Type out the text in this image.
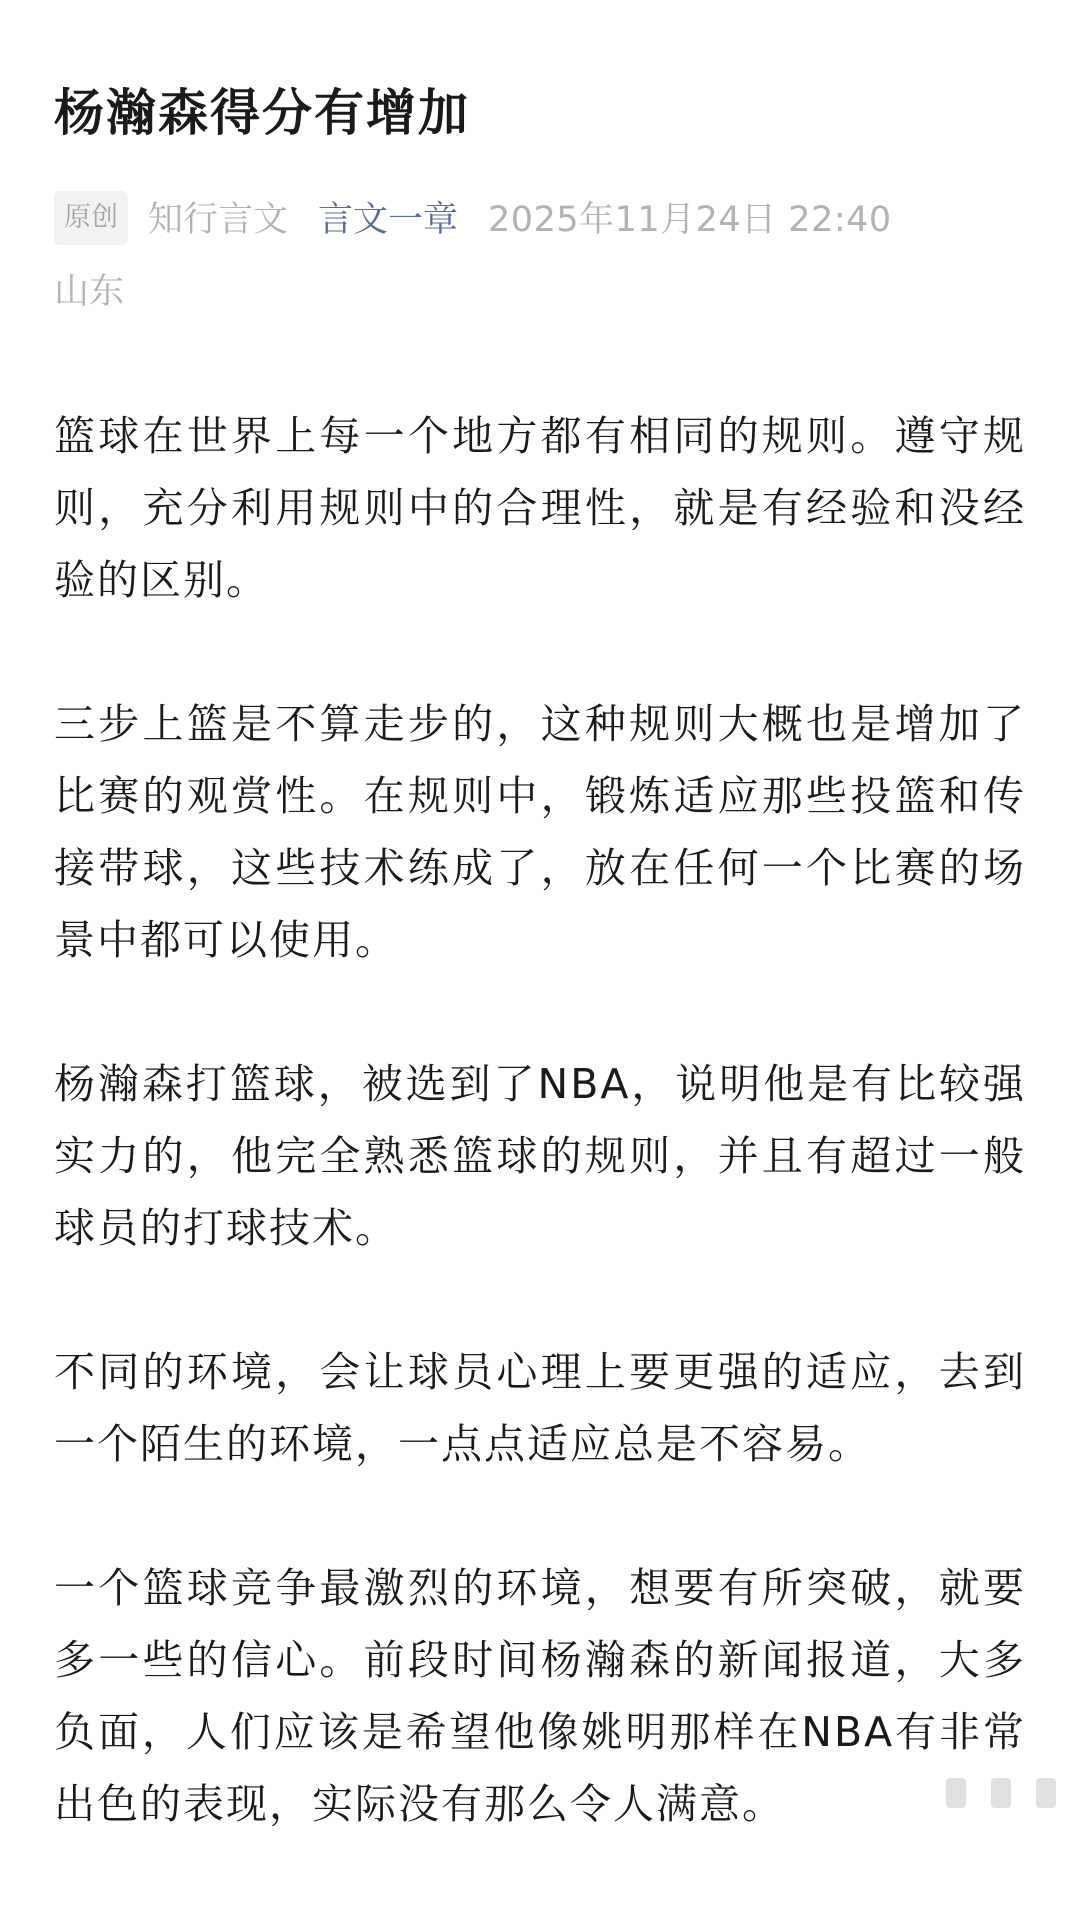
杨瀚森得分有增加
原创 知行言文 言文一章 2025年11月24日 22:40
山东

篮球在世界上每一个地方都有相同的规则。遵守规则，充分利用规则中的合理性，就是有经验和没经验的区别。

三步上篮是不算走步的，这种规则大概也是增加了比赛的观赏性。在规则中，锻炼适应那些投篮和传接带球，这些技术练成了，放在任何一个比赛的场景中都可以使用。

杨瀚森打篮球，被选到了NBA，说明他是有比较强实力的，他完全熟悉篮球的规则，并且有超过一般球员的打球技术。

不同的环境，会让球员心理上要更强的适应，去到一个陌生的环境，一点点适应总是不容易。

一个篮球竞争最激烈的环境，想要有所突破，就要多一些的信心。前段时间杨瀚森的新闻报道，大多负面，人们应该是希望他像姚明那样在NBA有非常出色的表现，实际没有那么令人满意。
